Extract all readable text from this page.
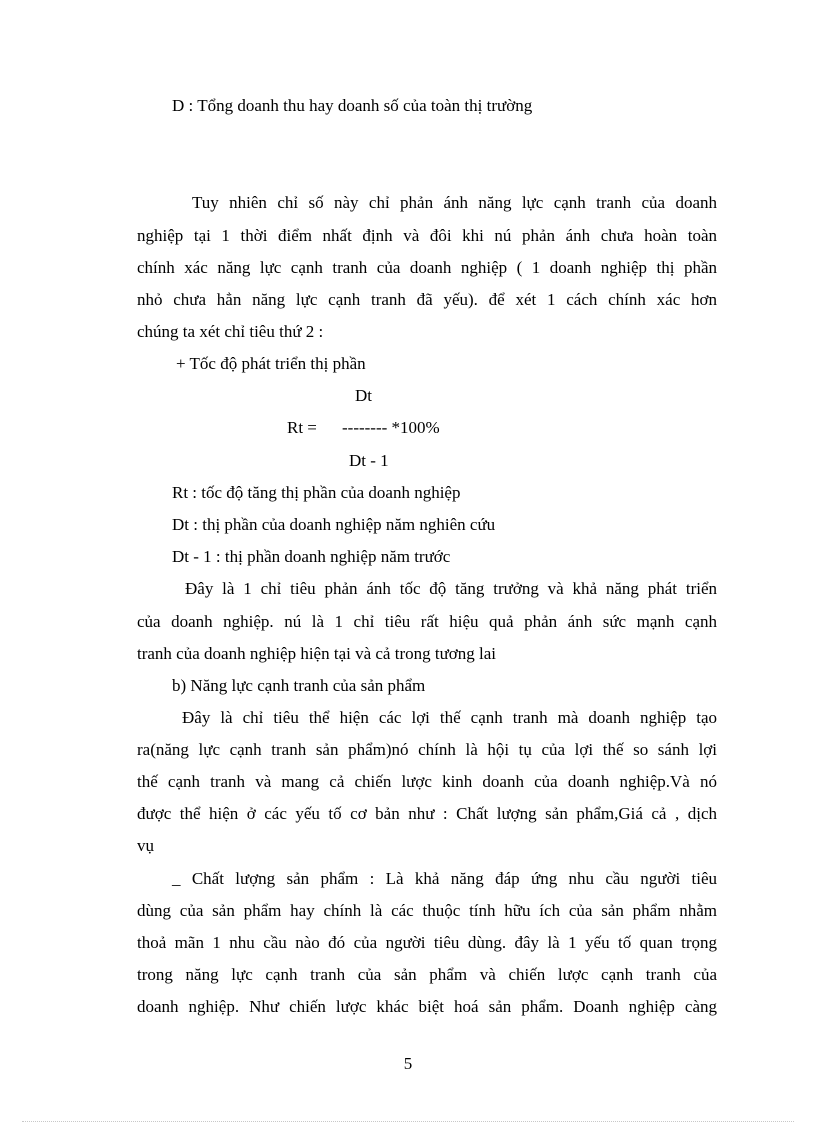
D : Tổng doanh thu hay doanh số của toàn thị trường
Tuy nhiên chỉ số này chỉ phản ánh năng lực cạnh tranh của doanh
nghiệp tại 1 thời điểm nhất định và đôi khi nú phản ánh chưa hoàn toàn
chính xác năng lực cạnh tranh của doanh nghiệp ( 1 doanh nghiệp thị phần
nhỏ chưa hẳn năng lực cạnh tranh đã yếu). để xét 1 cách chính xác hơn
chúng ta xét chỉ tiêu thứ 2 :
+ Tốc độ phát triển thị phần
Dt
Rt = -------- *100%
Dt - 1
Rt : tốc độ tăng thị phần của doanh nghiệp
Dt : thị phần của doanh nghiệp năm nghiên cứu
Dt - 1 : thị phần doanh nghiệp năm trước
Đây là 1 chỉ tiêu phản ánh tốc độ tăng trưởng và khả năng phát triển
của doanh nghiệp. nú là 1 chỉ tiêu rất hiệu quả phản ánh sức mạnh cạnh
tranh của doanh nghiệp hiện tại và cả trong tương lai
b) Năng lực cạnh tranh của sản phẩm
Đây là chỉ tiêu thể hiện các lợi thế cạnh tranh mà doanh nghiệp tạo
ra(năng lực cạnh tranh sản phẩm)nó chính là hội tụ của lợi thế so sánh lợi
thế cạnh tranh và mang cả chiến lược kinh doanh của doanh nghiệp.Và nó
được thể hiện ở các yếu tố cơ bản như : Chất lượng sản phẩm,Giá cả , dịch
vụ
_ Chất lượng sản phẩm : Là khả năng đáp ứng nhu cầu người tiêu
dùng của sản phẩm hay chính là các thuộc tính hữu ích của sản phẩm nhằm
thoả mãn 1 nhu cầu nào đó của người tiêu dùng. đây là 1 yếu tố quan trọng
trong năng lực cạnh tranh của sản phẩm và chiến lược cạnh tranh của
doanh nghiệp. Như chiến lược khác biệt hoá sản phẩm. Doanh nghiệp càng
5
